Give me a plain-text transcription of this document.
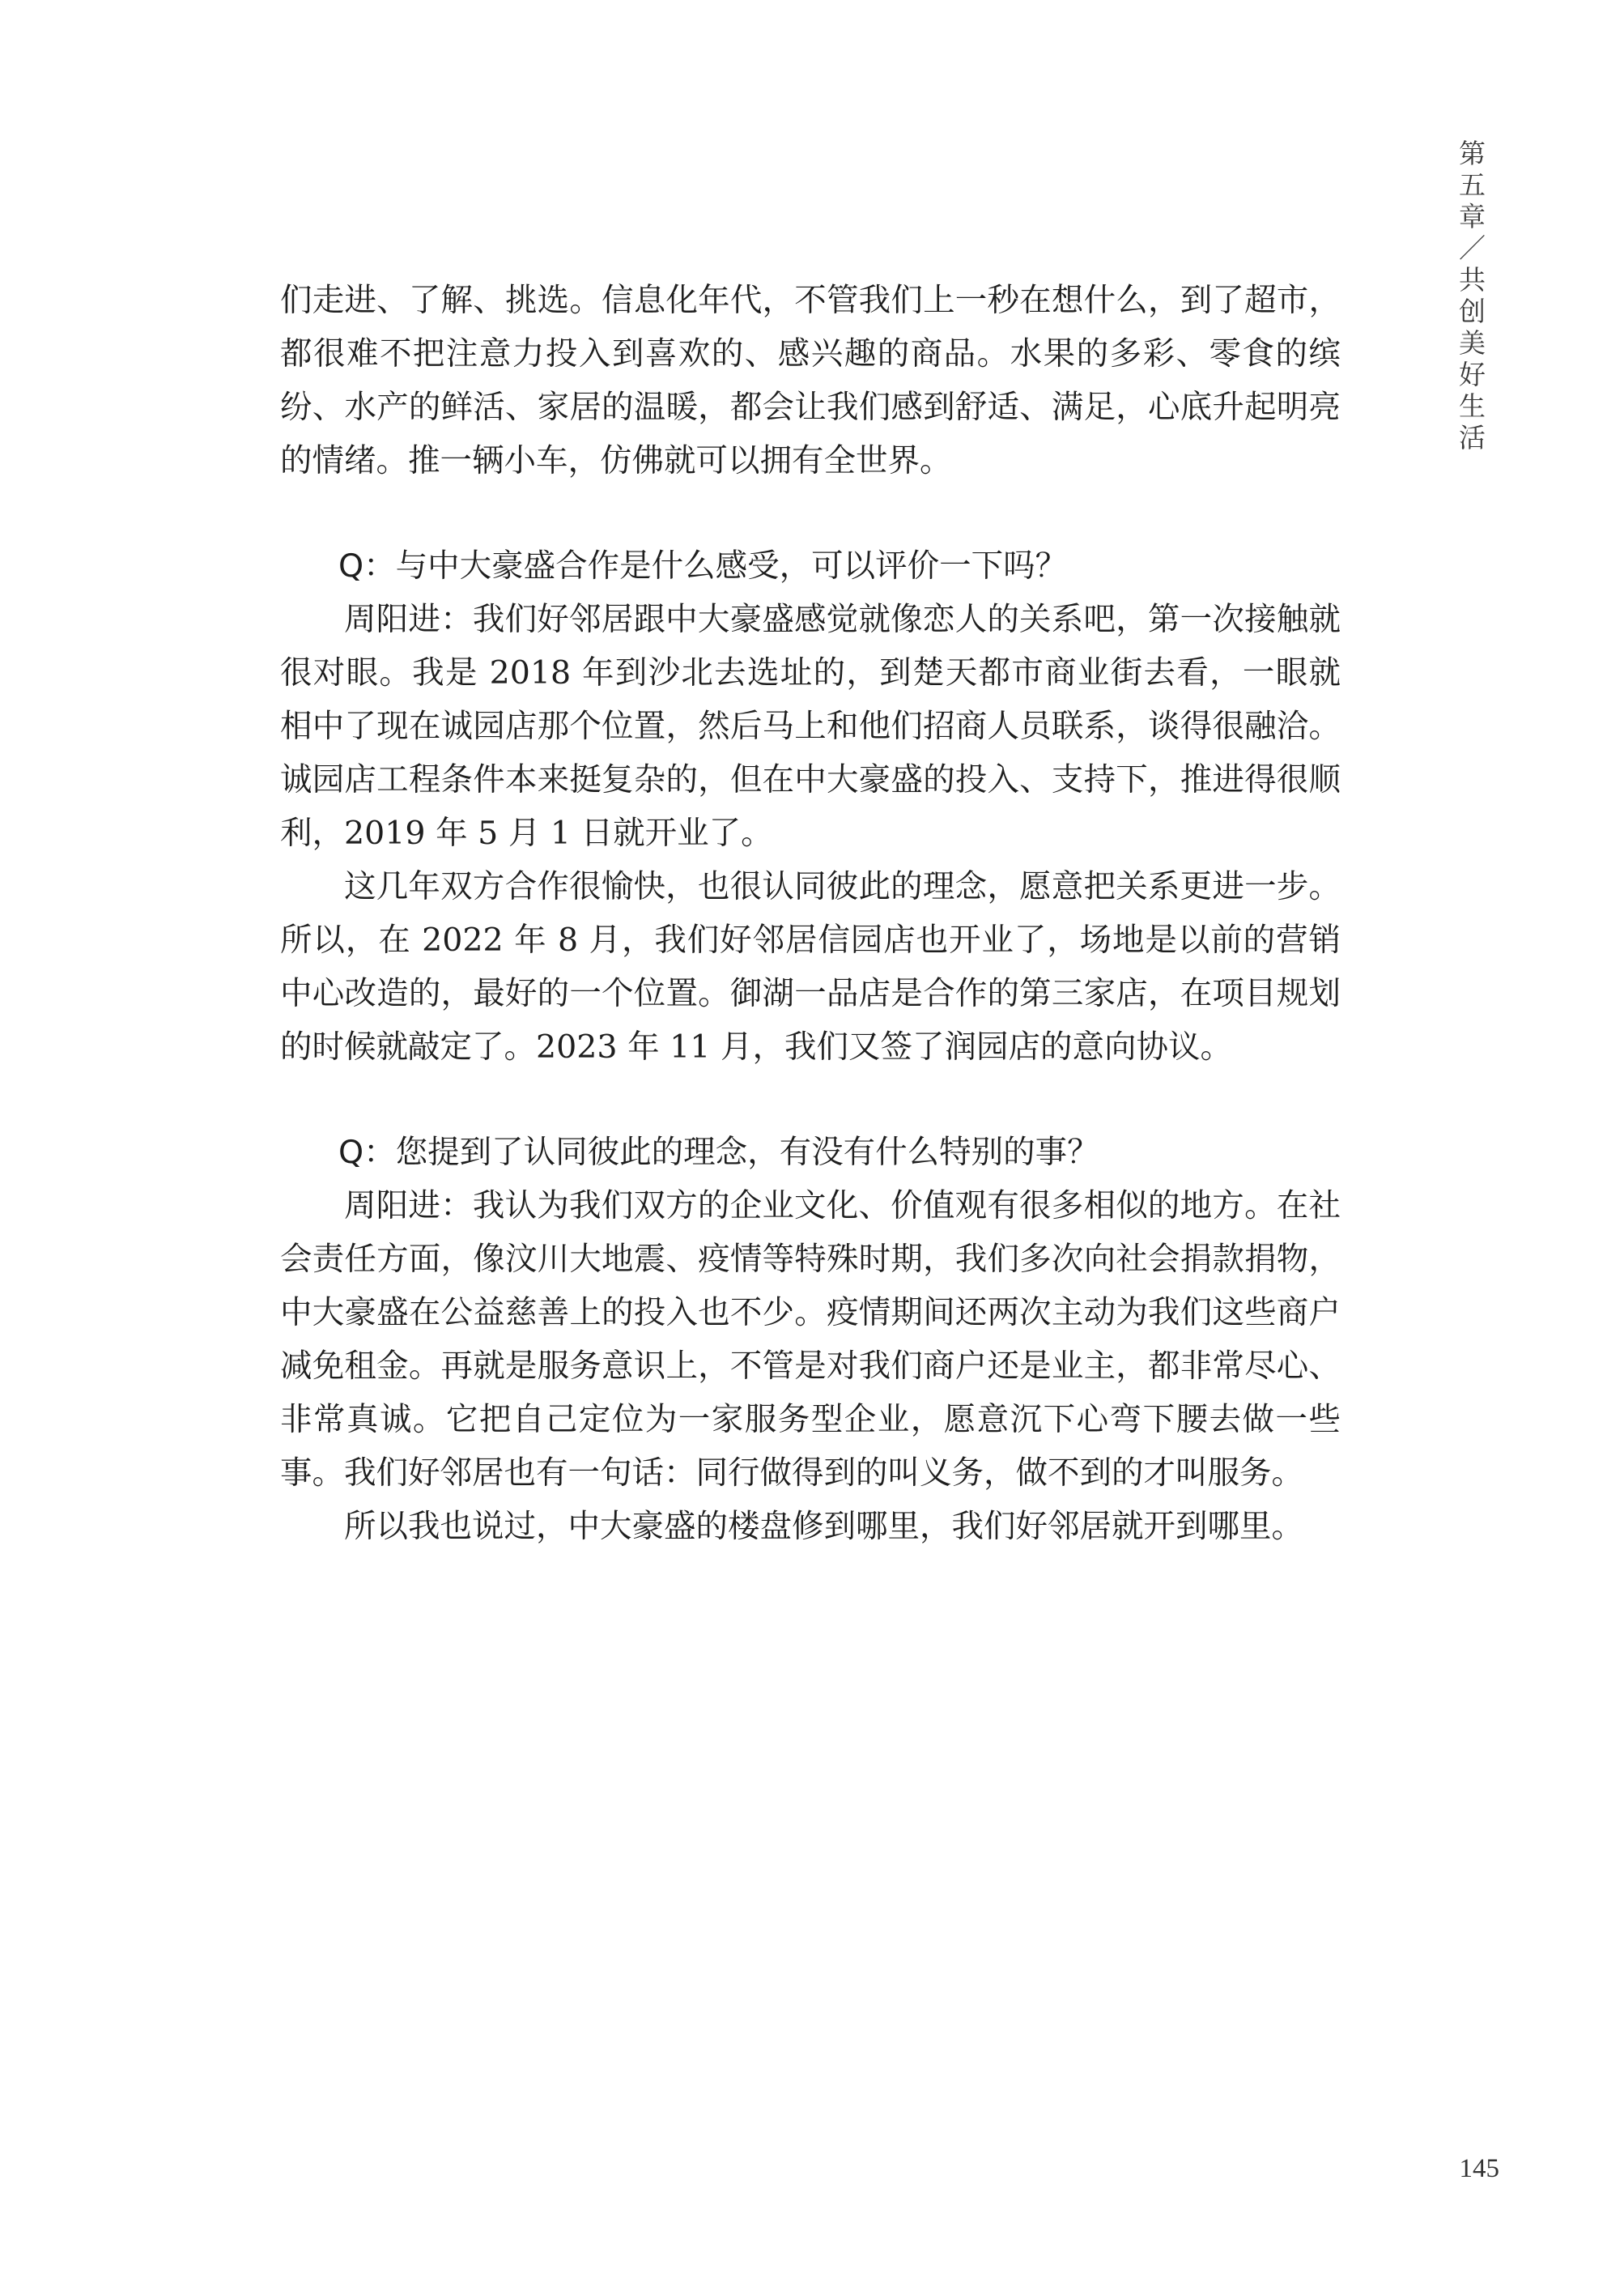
第五章／共创美好生活

们走进、了解、挑选。信息化年代，不管我们上一秒在想什么，到了超市，都很难不把注意力投入到喜欢的、感兴趣的商品。水果的多彩、零食的缤纷、水产的鲜活、家居的温暖，都会让我们感到舒适、满足，心底升起明亮的情绪。推一辆小车，仿佛就可以拥有全世界。

Q：与中大豪盛合作是什么感受，可以评价一下吗？

周阳进：我们好邻居跟中大豪盛感觉就像恋人的关系吧，第一次接触就很对眼。我是 2018 年到沙北去选址的，到楚天都市商业街去看，一眼就相中了现在诚园店那个位置，然后马上和他们招商人员联系，谈得很融洽。诚园店工程条件本来挺复杂的，但在中大豪盛的投入、支持下，推进得很顺利，2019 年 5 月 1 日就开业了。

这几年双方合作很愉快，也很认同彼此的理念，愿意把关系更进一步。所以，在 2022 年 8 月，我们好邻居信园店也开业了，场地是以前的营销中心改造的，最好的一个位置。御湖一品店是合作的第三家店，在项目规划的时候就敲定了。2023 年 11 月，我们又签了润园店的意向协议。

Q：您提到了认同彼此的理念，有没有什么特别的事？

周阳进：我认为我们双方的企业文化、价值观有很多相似的地方。在社会责任方面，像汶川大地震、疫情等特殊时期，我们多次向社会捐款捐物，中大豪盛在公益慈善上的投入也不少。疫情期间还两次主动为我们这些商户减免租金。再就是服务意识上，不管是对我们商户还是业主，都非常尽心、非常真诚。它把自己定位为一家服务型企业，愿意沉下心弯下腰去做一些事。我们好邻居也有一句话：同行做得到的叫义务，做不到的才叫服务。

所以我也说过，中大豪盛的楼盘修到哪里，我们好邻居就开到哪里。

145
